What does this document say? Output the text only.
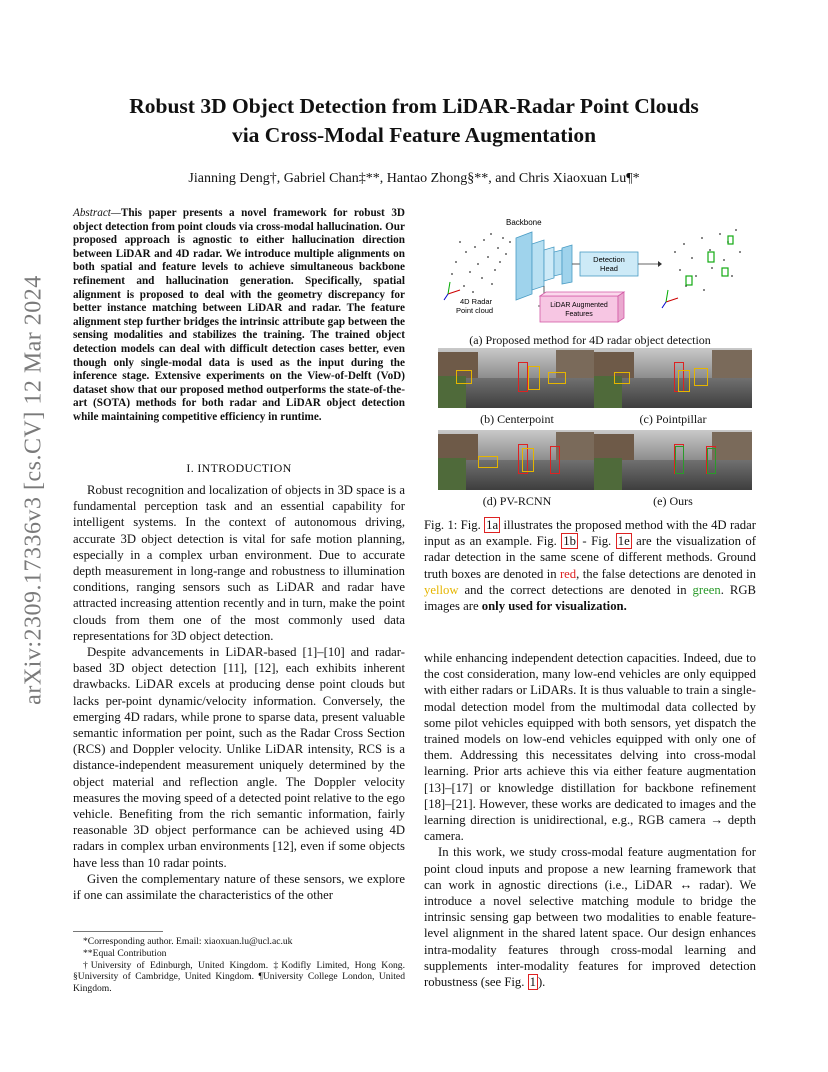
arXiv:2309.17336v3 [cs.CV] 12 Mar 2024
Robust 3D Object Detection from LiDAR-Radar Point Clouds
via Cross-Modal Feature Augmentation
Jianning Deng†, Gabriel Chan‡**, Hantao Zhong§**, and Chris Xiaoxuan Lu¶*
Abstract—This paper presents a novel framework for robust 3D object detection from point clouds via cross-modal hallucination. Our proposed approach is agnostic to either hallucination direction between LiDAR and 4D radar. We introduce multiple alignments on both spatial and feature levels to achieve simultaneous backbone refinement and hallucination generation. Specifically, spatial alignment is proposed to deal with the geometry discrepancy for better instance matching between LiDAR and radar. The feature alignment step further bridges the intrinsic attribute gap between the sensing modalities and stabilizes the training. The trained object detection models can deal with difficult detection cases better, even though only single-modal data is used as the input during the inference stage. Extensive experiments on the View-of-Delft (VoD) dataset show that our proposed method outperforms the state-of-the-art (SOTA) methods for both radar and LiDAR object detection while maintaining competitive efficiency in runtime.
I. INTRODUCTION

Robust recognition and localization of objects in 3D space is a fundamental perception task and an essential capability for intelligent systems. In the context of autonomous driving, accurate 3D object detection is vital for safe motion planning, especially in a complex urban environment. Due to accurate depth measurement in long-range and robustness to illumination conditions, ranging sensors such as LiDAR and radar have attracted increasing attention recently and in turn, make the point clouds from them one of the most commonly used data representations for 3D object detection.

Despite advancements in LiDAR-based [1]–[10] and radar-based 3D object detection [11], [12], each exhibits inherent drawbacks. LiDAR excels at producing dense point clouds but lacks per-point dynamic/velocity information. Conversely, the emerging 4D radars, while prone to sparse data, present valuable semantic information per point, such as the Radar Cross Section (RCS) and Doppler velocity. Unlike LiDAR intensity, RCS is a distance-independent measurement uniquely determined by the object material and reflection angle. The Doppler velocity measures the moving speed of a detected point relative to the ego vehicle. Benefiting from the rich semantic information, fairly reasonable 3D object performance can be achieved using 4D radars in complex urban environments [12], even if some objects have less than 10 radar points.

Given the complementary nature of these sensors, we explore if one can assimilate the characteristics of the other

*Corresponding author. Email: xiaoxuan.lu@ucl.ac.uk
**Equal Contribution
†University of Edinburgh, United Kingdom. ‡Kodifly Limited, Hong Kong. §University of Cambridge, United Kingdom. ¶University College London, United Kingdom.
4D Radar
Point cloud
Backbone
Detection
Head
LiDAR Augmented
Features
(a) Proposed method for 4D radar object detection
(b) Centerpoint	(c) Pointpillar
(d) PV-RCNN	(e) Ours
Fig. 1: Fig. 1a illustrates the proposed method with the 4D radar input as an example. Fig. 1b - Fig. 1e are the visualization of radar detection in the same scene of different methods. Ground truth boxes are denoted in red, the false detections are denoted in yellow and the correct detections are denoted in green. RGB images are only used for visualization.

while enhancing independent detection capacities. Indeed, due to the cost consideration, many low-end vehicles are only equipped with either radars or LiDARs. It is thus valuable to train a single-modal detection model from the multimodal data collected by some pilot vehicles equipped with both sensors, yet dispatch the trained models on low-end vehicles equipped with only one of them. Addressing this necessitates delving into cross-modal learning. Prior arts achieve this via either feature augmentation [13]–[17] or knowledge distillation for backbone refinement [18]–[21]. However, these works are dedicated to images and the learning direction is unidirectional, e.g., RGB camera → depth camera.

In this work, we study cross-modal feature augmentation for point cloud inputs and propose a new learning framework that can work in agnostic directions (i.e., LiDAR ↔ radar). We introduce a novel selective matching module to bridge the intrinsic sensing gap between two modalities to enable feature-level alignment in the shared latent space. Our design enhances intra-modality features through cross-modal learning and supplements inter-modality features for improved detection robustness (see Fig. 1 ).
